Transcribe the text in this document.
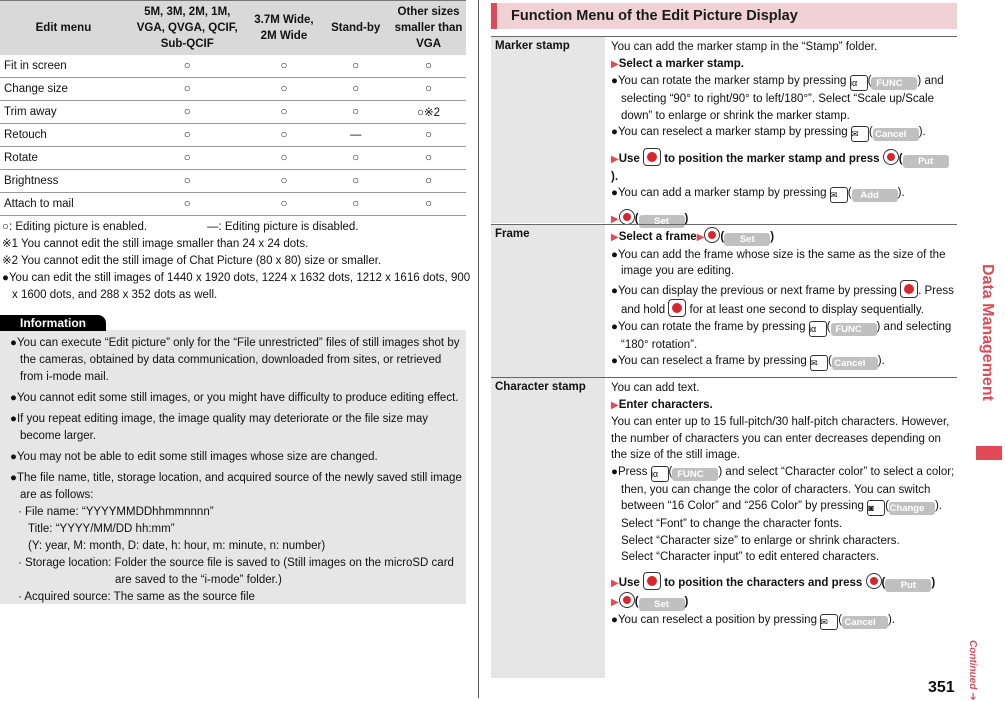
Edit menu	5M, 3M, 2M, 1M, VGA, QVGA, QCIF, Sub-QCIF	3.7M Wide, 2M Wide	Stand-by	Other sizes smaller than VGA
Fit in screen	○	○	○	○
Change size	○	○	○	○
Trim away	○	○	○	○※2
Retouch	○	○	—	○
Rotate	○	○	○	○
Brightness	○	○	○	○
Attach to mail	○	○	○	○
○: Editing picture is enabled.	—: Editing picture is disabled.
※1 You cannot edit the still image smaller than 24 x 24 dots.
※2 You cannot edit the still image of Chat Picture (80 x 80) size or smaller.
●You can edit the still images of 1440 x 1920 dots, 1224 x 1632 dots, 1212 x 1616 dots, 900 x 1600 dots, and 288 x 352 dots as well.
Information

●You can execute “Edit picture” only for the “File unrestricted” files of still images shot by the cameras, obtained by data communication, downloaded from sites, or retrieved from i-mode mail.

●You cannot edit some still images, or you might have difficulty to produce editing effect.

●If you repeat editing image, the image quality may deteriorate or the file size may become larger.

●You may not be able to edit some still images whose size are changed.

●The file name, title, storage location, and acquired source of the newly saved still image are as follows:

· File name: “YYYYMMDDhhmmnnnn”

Title: “YYYY/MM/DD hh:mm”

(Y: year, M: month, D: date, h: hour, m: minute, n: number)

· Storage location: Folder the source file is saved to (Still images on the microSD card

are saved to the “i-mode” folder.)

· Acquired source: The same as the source file

Function Menu of the Edit Picture Display
Marker stamp	You can add the marker stamp in the “Stamp” folder.

▶Select a marker stamp.

●You can rotate the marker stamp by pressing iα ( FUNC ) and selecting “90° to right/90° to left/180°”. Select “Scale up/Scale down” to enlarge or shrink the marker stamp.

●You can reselect a marker stamp by pressing ✉ ( Cancel ).

▶Use to position the marker stamp and press ( Put).

●You can add a marker stamp by pressing ✉ ( Add ).

▶ ( Set )

Frame	▶Select a frame▶ ( Set )

●You can add the frame whose size is the same as the size of the image you are editing.

●You can display the previous or next frame by pressing . Press and hold for at least one second to display sequentially.

●You can rotate the frame by pressing iα ( FUNC ) and selecting “180° rotation”.

●You can reselect a frame by pressing ✉ ( Cancel ).

Character stamp	You can add text.

▶Enter characters.

You can enter up to 15 full-pitch/30 half-pitch characters. However, the number of characters you can enter decreases depending on the size of the still image.

●Press iα ( FUNC ) and select “Character color” to select a color; then, you can change the color of characters. You can switch between “16 Color” and “256 Color” by pressing ◙ (Change ).

Select “Font” to change the character fonts.

Select “Character size” to enlarge or shrink characters.

Select “Character input” to edit entered characters.

▶Use to position the characters and press ( Put )

▶ ( Set )

●You can reselect a position by pressing ✉ ( Cancel ).

Data Management
Continued ➔
351
